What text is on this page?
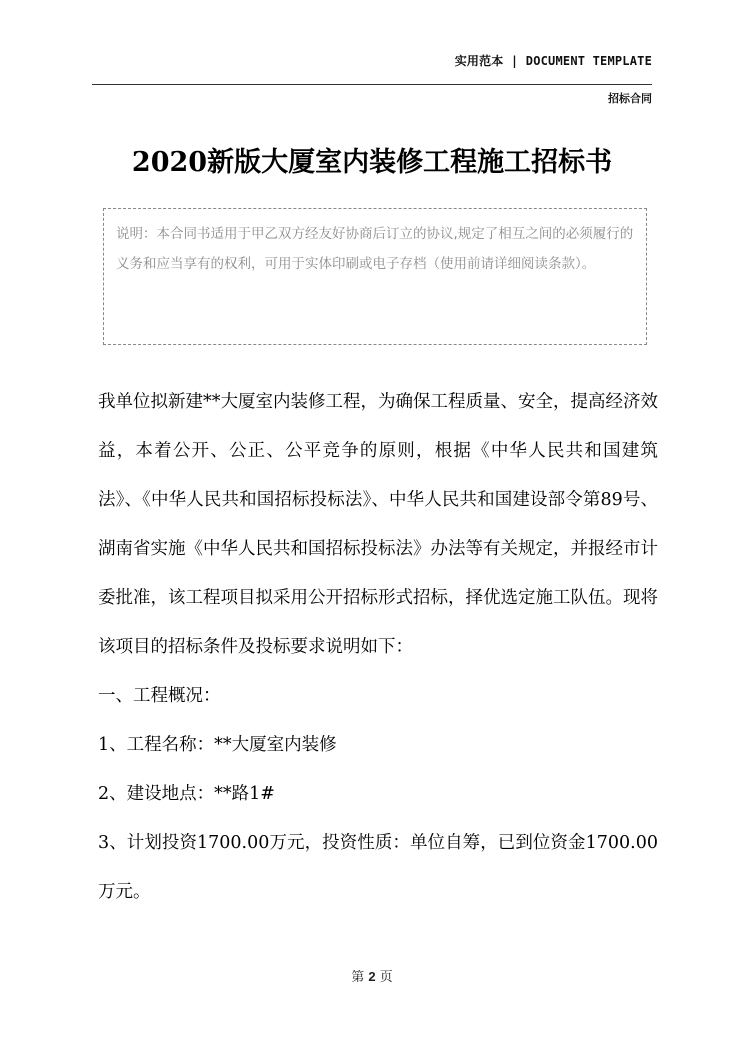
实用范本 | DOCUMENT TEMPLATE
招标合同
2020新版大厦室内装修工程施工招标书
说明：本合同书适用于甲乙双方经友好协商后订立的协议,规定了相互之间的必须履行的义务和应当享有的权利，可用于实体印刷或电子存档（使用前请详细阅读条款）。

我单位拟新建**大厦室内装修工程，为确保工程质量、安全，提高经济效益，本着公开、公正、公平竞争的原则，根据《中华人民共和国建筑法》、《中华人民共和国招标投标法》、中华人民共和国建设部令第89号、湖南省实施《中华人民共和国招标投标法》办法等有关规定，并报经市计委批准，该工程项目拟采用公开招标形式招标，择优选定施工队伍。现将该项目的招标条件及投标要求说明如下：

一、工程概况：

1、工程名称：**大厦室内装修

2、建设地点：**路1#

3、计划投资1700.00万元，投资性质：单位自筹，已到位资金1700.00万元。

第 2 页
